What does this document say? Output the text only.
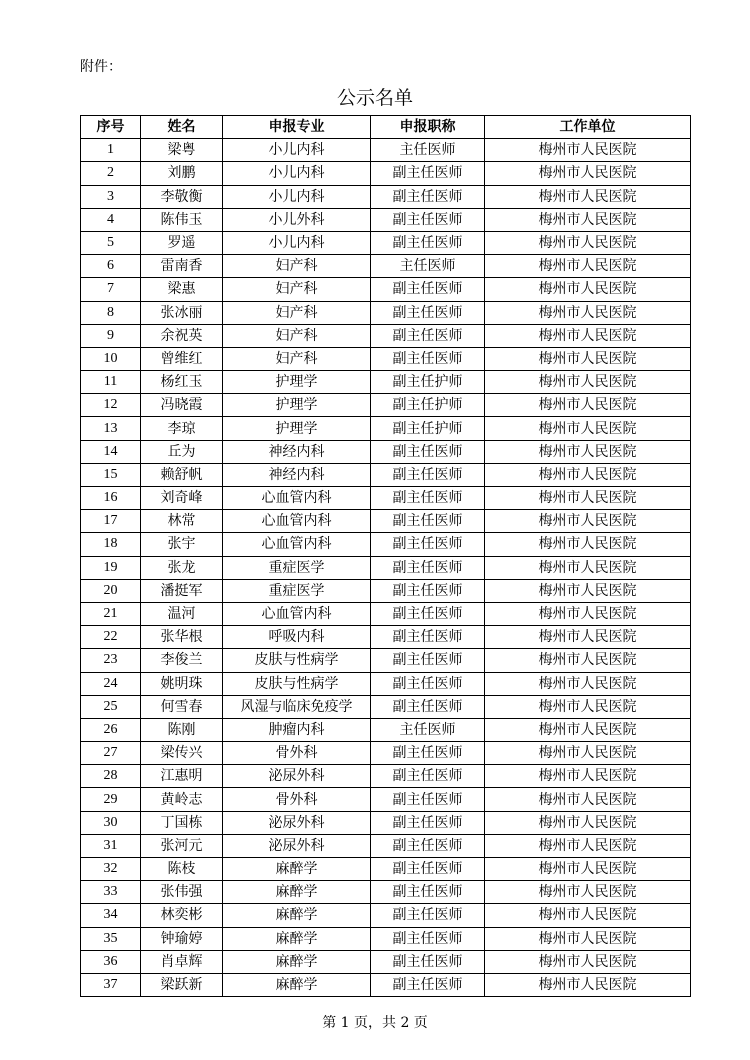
附件：
公示名单
序号	姓名	申报专业	申报职称	工作单位
1	梁粤	小儿内科	主任医师	梅州市人民医院
2	刘鹏	小儿内科	副主任医师	梅州市人民医院
3	李敬衡	小儿内科	副主任医师	梅州市人民医院
4	陈伟玉	小儿外科	副主任医师	梅州市人民医院
5	罗遥	小儿内科	副主任医师	梅州市人民医院
6	雷南香	妇产科	主任医师	梅州市人民医院
7	梁惠	妇产科	副主任医师	梅州市人民医院
8	张冰丽	妇产科	副主任医师	梅州市人民医院
9	余祝英	妇产科	副主任医师	梅州市人民医院
10	曾维红	妇产科	副主任医师	梅州市人民医院
11	杨红玉	护理学	副主任护师	梅州市人民医院
12	冯晓霞	护理学	副主任护师	梅州市人民医院
13	李琼	护理学	副主任护师	梅州市人民医院
14	丘为	神经内科	副主任医师	梅州市人民医院
15	赖舒帆	神经内科	副主任医师	梅州市人民医院
16	刘奇峰	心血管内科	副主任医师	梅州市人民医院
17	林常	心血管内科	副主任医师	梅州市人民医院
18	张宇	心血管内科	副主任医师	梅州市人民医院
19	张龙	重症医学	副主任医师	梅州市人民医院
20	潘挺军	重症医学	副主任医师	梅州市人民医院
21	温河	心血管内科	副主任医师	梅州市人民医院
22	张华根	呼吸内科	副主任医师	梅州市人民医院
23	李俊兰	皮肤与性病学	副主任医师	梅州市人民医院
24	姚明珠	皮肤与性病学	副主任医师	梅州市人民医院
25	何雪春	风湿与临床免疫学	副主任医师	梅州市人民医院
26	陈刚	肿瘤内科	主任医师	梅州市人民医院
27	梁传兴	骨外科	副主任医师	梅州市人民医院
28	江惠明	泌尿外科	副主任医师	梅州市人民医院
29	黄岭志	骨外科	副主任医师	梅州市人民医院
30	丁国栋	泌尿外科	副主任医师	梅州市人民医院
31	张河元	泌尿外科	副主任医师	梅州市人民医院
32	陈枝	麻醉学	副主任医师	梅州市人民医院
33	张伟强	麻醉学	副主任医师	梅州市人民医院
34	林奕彬	麻醉学	副主任医师	梅州市人民医院
35	钟瑜婷	麻醉学	副主任医师	梅州市人民医院
36	肖卓辉	麻醉学	副主任医师	梅州市人民医院
37	梁跃新	麻醉学	副主任医师	梅州市人民医院
第 1 页，共 2 页
